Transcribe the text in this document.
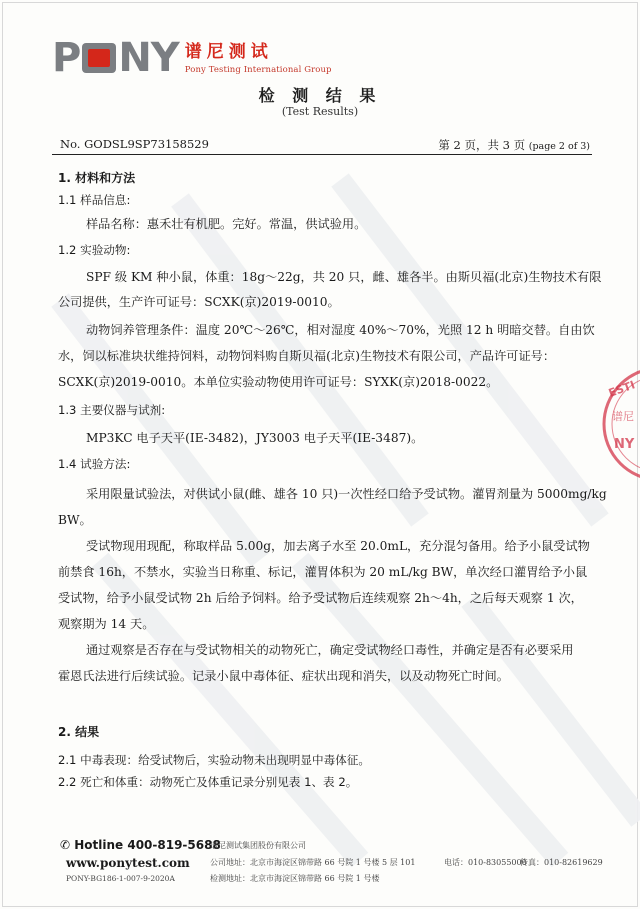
P NY 谱尼测试
Pony Testing International Group
检 测 结 果
(Test Results)
No. GODSL9SP73158529	第 2 页，共 3 页 (page 2 of 3)
1. 材料和方法
1.1 样品信息:
样品名称：惠禾壮有机肥。完好。常温，供试验用。
1.2 实验动物:
SPF 级 KM 种小鼠，体重：18g～22g，共 20 只，雌、雄各半。由斯贝福(北京)生物技术有限
公司提供，生产许可证号：SCXK(京)2019-0010。
动物饲养管理条件：温度 20℃～26℃，相对湿度 40%～70%，光照 12 h 明暗交替。自由饮
水，饲以标准块状维持饲料，动物饲料购自斯贝福(北京)生物技术有限公司，产品许可证号：
SCXK(京)2019-0010。本单位实验动物使用许可证号：SYXK(京)2018-0022。
1.3 主要仪器与试剂:
MP3KC 电子天平(IE-3482)，JY3003 电子天平(IE-3487)。
1.4 试验方法:
采用限量试验法，对供试小鼠(雌、雄各 10 只)一次性经口给予受试物。灌胃剂量为 5000mg/kg
BW。
受试物现用现配，称取样品 5.00g，加去离子水至 20.0mL，充分混匀备用。给予小鼠受试物
前禁食 16h，不禁水，实验当日称重、标记，灌胃体积为 20 mL/kg BW，单次经口灌胃给予小鼠
受试物，给予小鼠受试物 2h 后给予饲料。给予受试物后连续观察 2h～4h，之后每天观察 1 次，
观察期为 14 天。
通过观察是否存在与受试物相关的动物死亡，确定受试物经口毒性，并确定是否有必要采用
霍恩氏法进行后续试验。记录小鼠中毒体征、症状出现和消失，以及动物死亡时间。
2. 结果
2.1 中毒表现：给受试物后，实验动物未出现明显中毒体征。
2.2 死亡和体重：动物死亡及体重记录分别见表 1、表 2。
ESTI
谱尼
NY
✆ Hotline 400-819-5688
www.ponytest.com
PONY-BG186-1-007-9-2020A
谱尼测试集团股份有限公司
公司地址：北京市海淀区锦带路 66 号院 1 号楼 5 层 101
检测地址：北京市海淀区锦带路 66 号院 1 号楼
电话：010-83055000
传真：010-82619629
